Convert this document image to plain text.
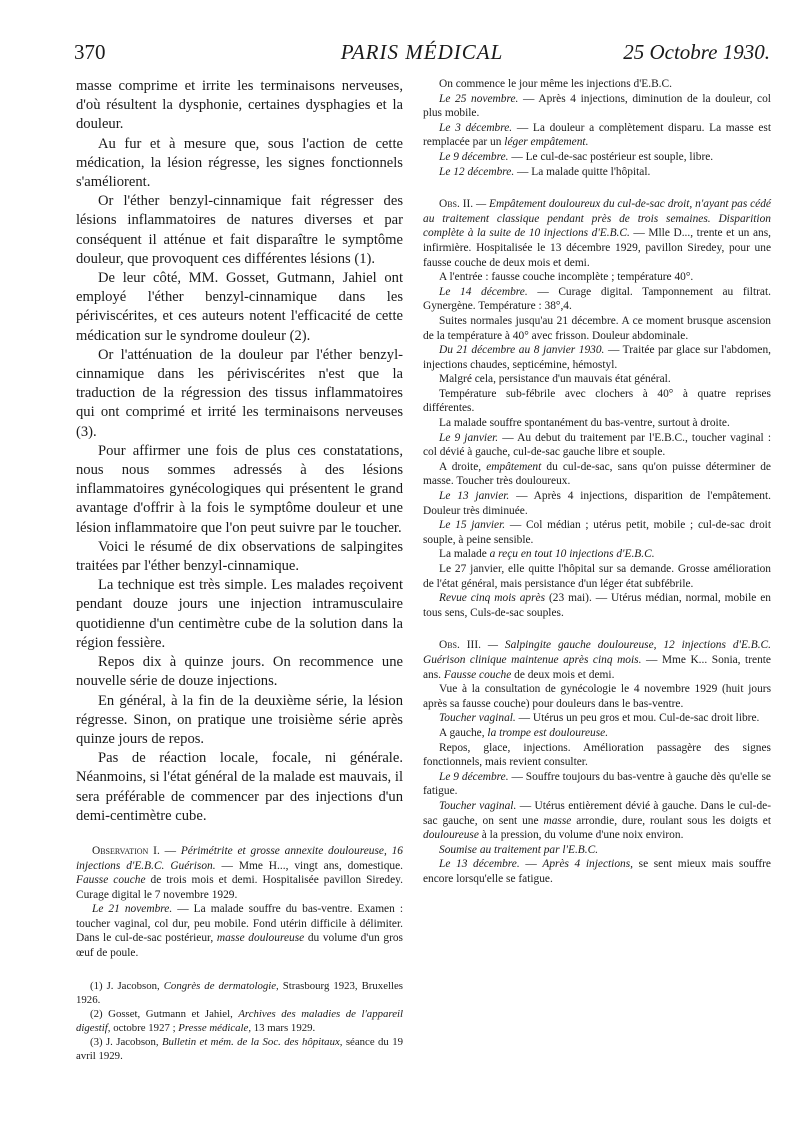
370	PARIS MÉDICAL	25 Octobre 1930.

masse comprime et irrite les terminaisons nerveuses, d'où résultent la dysphonie, certaines dysphagies et la douleur.

Au fur et à mesure que, sous l'action de cette médication, la lésion régresse, les signes fonctionnels s'améliorent.

Or l'éther benzyl-cinnamique fait régresser des lésions inflammatoires de natures diverses et par conséquent il atténue et fait disparaître le symptôme douleur, que provoquent ces différentes lésions (1).

De leur côté, MM. Gosset, Gutmann, Jahiel ont employé l'éther benzyl-cinnamique dans les périviscérites, et ces auteurs notent l'efficacité de cette médication sur le syndrome douleur (2).

Or l'atténuation de la douleur par l'éther benzyl-cinnamique dans les périviscérites n'est que la traduction de la régression des tissus inflammatoires qui ont comprimé et irrité les terminaisons nerveuses (3).

Pour affirmer une fois de plus ces constatations, nous nous sommes adressés à des lésions inflammatoires gynécologiques qui présentent le grand avantage d'offrir à la fois le symptôme douleur et une lésion inflammatoire que l'on peut suivre par le toucher.

Voici le résumé de dix observations de salpingites traitées par l'éther benzyl-cinnamique.

La technique est très simple. Les malades reçoivent pendant douze jours une injection intramusculaire quotidienne d'un centimètre cube de la solution dans la région fessière.

Repos dix à quinze jours. On recommence une nouvelle série de douze injections.

En général, à la fin de la deuxième série, la lésion régresse. Sinon, on pratique une troisième série après quinze jours de repos.

Pas de réaction locale, focale, ni générale. Néanmoins, si l'état général de la malade est mauvais, il sera préférable de commencer par des injections d'un demi-centimètre cube.

Observation I. — Périmétrite et grosse annexite douloureuse, 16 injections d'E.B.C. Guérison. — Mme H..., vingt ans, domestique. Fausse couche de trois mois et demi. Hospitalisée pavillon Siredey. Curage digital le 7 novembre 1929.

Le 21 novembre. — La malade souffre du bas-ventre. Examen : toucher vaginal, col dur, peu mobile. Fond utérin difficile à délimiter. Dans le cul-de-sac postérieur, masse douloureuse du volume d'un gros œuf de poule.

(1) J. Jacobson, Congrès de dermatologie, Strasbourg 1923, Bruxelles 1926.

(2) Gosset, Gutmann et Jahiel, Archives des maladies de l'appareil digestif, octobre 1927 ; Presse médicale, 13 mars 1929.

(3) J. Jacobson, Bulletin et mém. de la Soc. des hôpitaux, séance du 19 avril 1929.

On commence le jour même les injections d'E.B.C.

Le 25 novembre. — Après 4 injections, diminution de la douleur, col plus mobile.

Le 3 décembre. — La douleur a complètement disparu. La masse est remplacée par un léger empâtement.

Le 9 décembre. — Le cul-de-sac postérieur est souple, libre.

Le 12 décembre. — La malade quitte l'hôpital.

Obs. II. — Empâtement douloureux du cul-de-sac droit, n'ayant pas cédé au traitement classique pendant près de trois semaines. Disparition complète à la suite de 10 injections d'E.B.C. — Mlle D..., trente et un ans, infirmière. Hospitalisée le 13 décembre 1929, pavillon Siredey, pour une fausse couche de deux mois et demi.

A l'entrée : fausse couche incomplète ; température 40°.

Le 14 décembre. — Curage digital. Tamponnement au filtrat. Gynergène. Température : 38°,4.

Suites normales jusqu'au 21 décembre. A ce moment brusque ascension de la température à 40° avec frisson. Douleur abdominale.

Du 21 décembre au 8 janvier 1930. — Traitée par glace sur l'abdomen, injections chaudes, septicémine, hémostyl.

Malgré cela, persistance d'un mauvais état général.

Température sub-fébrile avec clochers à 40° à quatre reprises différentes.

La malade souffre spontanément du bas-ventre, surtout à droite.

Le 9 janvier. — Au debut du traitement par l'E.B.C., toucher vaginal : col dévié à gauche, cul-de-sac gauche libre et souple.

A droite, empâtement du cul-de-sac, sans qu'on puisse déterminer de masse. Toucher très douloureux.

Le 13 janvier. — Après 4 injections, disparition de l'empâtement. Douleur très diminuée.

Le 15 janvier. — Col médian ; utérus petit, mobile ; cul-de-sac droit souple, à peine sensible.

La malade a reçu en tout 10 injections d'E.B.C.

Le 27 janvier, elle quitte l'hôpital sur sa demande. Grosse amélioration de l'état général, mais persistance d'un léger état subfébrile.

Revue cinq mois après (23 mai). — Utérus médian, normal, mobile en tous sens, Culs-de-sac souples.

Obs. III. — Salpingite gauche douloureuse, 12 injections d'E.B.C. Guérison clinique maintenue après cinq mois. — Mme K... Sonia, trente ans. Fausse couche de deux mois et demi.

Vue à la consultation de gynécologie le 4 novembre 1929 (huit jours après sa fausse couche) pour douleurs dans le bas-ventre.

Toucher vaginal. — Utérus un peu gros et mou. Cul-de-sac droit libre.

A gauche, la trompe est douloureuse.

Repos, glace, injections. Amélioration passagère des signes fonctionnels, mais revient consulter.

Le 9 décembre. — Souffre toujours du bas-ventre à gauche dès qu'elle se fatigue.

Toucher vaginal. — Utérus entièrement dévié à gauche. Dans le cul-de-sac gauche, on sent une masse arrondie, dure, roulant sous les doigts et douloureuse à la pression, du volume d'une noix environ.

Soumise au traitement par l'E.B.C.

Le 13 décembre. — Après 4 injections, se sent mieux mais souffre encore lorsqu'elle se fatigue.
